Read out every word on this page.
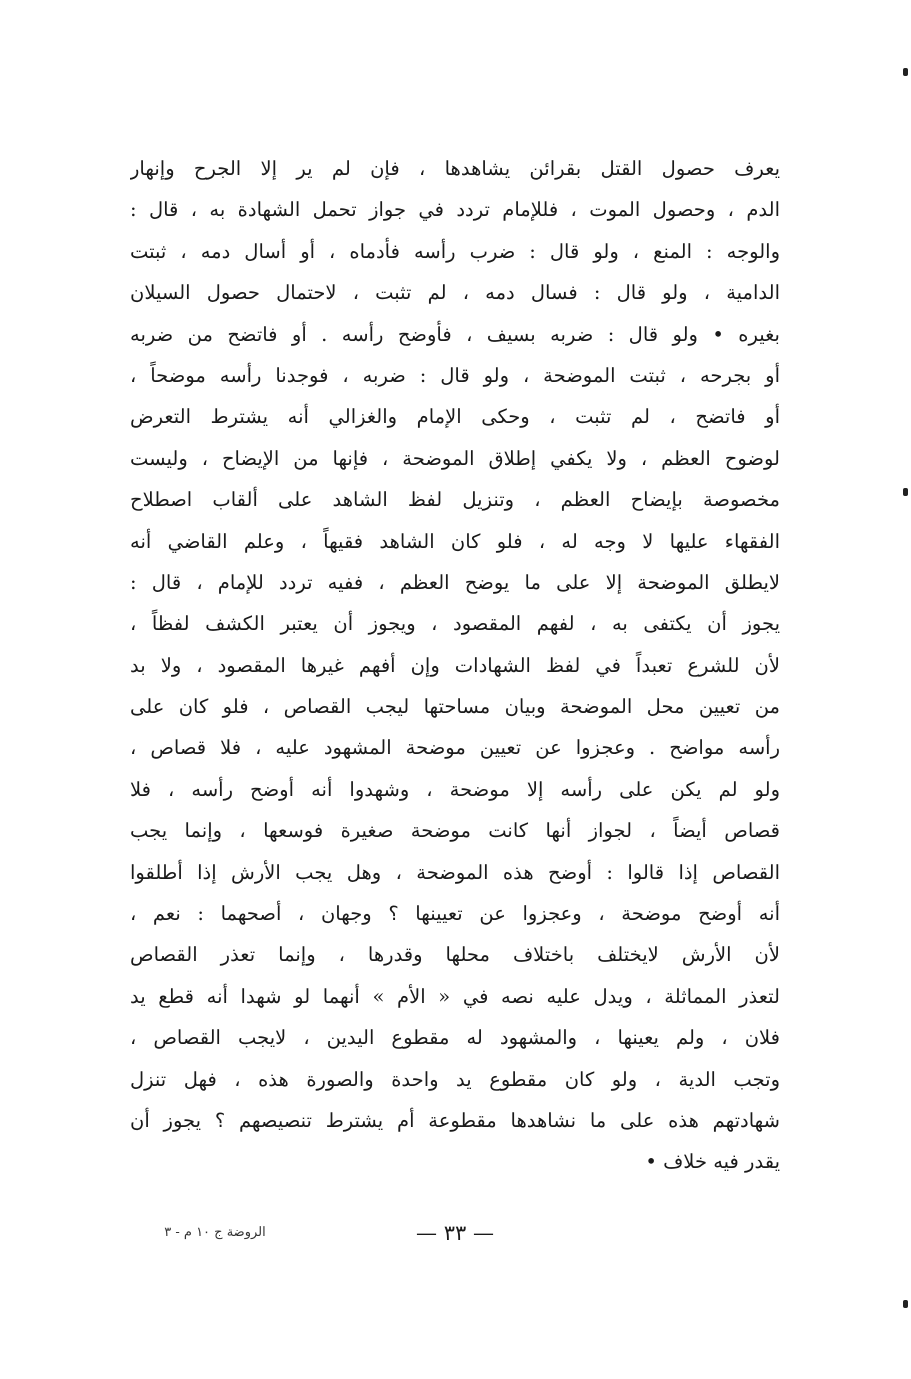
يعرف حصول القتل بقرائن يشاهدها ، فإن لم ير إلا الجرح وإنهار
الدم ، وحصول الموت ، فللإمام تردد في جواز تحمل الشهادة به ، قال :
والوجه : المنع ، ولو قال : ضرب رأسه فأدماه ، أو أسال دمه ، ثبتت
الدامية ، ولو قال : فسال دمه ، لم تثبت ، لاحتمال حصول السيلان
بغيره • ولو قال : ضربه بسيف ، فأوضح رأسه . أو فاتضح من ضربه
أو بجرحه ، ثبتت الموضحة ، ولو قال : ضربه ، فوجدنا رأسه موضحاً ،
أو فاتضح ، لم تثبت ، وحكى الإمام والغزالي أنه يشترط التعرض
لوضوح العظم ، ولا يكفي إطلاق الموضحة ، فإنها من الإيضاح ، وليست
مخصوصة بإيضاح العظم ، وتنزيل لفظ الشاهد على ألقاب اصطلاح
الفقهاء عليها لا وجه له ، فلو كان الشاهد فقيهاً ، وعلم القاضي أنه
لايطلق الموضحة إلا على ما يوضح العظم ، ففيه تردد للإمام ، قال :
يجوز أن يكتفى به ، لفهم المقصود ، ويجوز أن يعتبر الكشف لفظاً ،
لأن للشرع تعبداً في لفظ الشهادات وإن أفهم غيرها المقصود ، ولا بد
من تعيين محل الموضحة وبيان مساحتها ليجب القصاص ، فلو كان على
رأسه مواضح . وعجزوا عن تعيين موضحة المشهود عليه ، فلا قصاص ،
ولو لم يكن على رأسه إلا موضحة ، وشهدوا أنه أوضح رأسه ، فلا
قصاص أيضاً ، لجواز أنها كانت موضحة صغيرة فوسعها ، وإنما يجب
القصاص إذا قالوا : أوضح هذه الموضحة ، وهل يجب الأرش إذا أطلقوا
أنه أوضح موضحة ، وعجزوا عن تعيينها ؟ وجهان ، أصحهما : نعم ،
لأن الأرش لايختلف باختلاف محلها وقدرها ، وإنما تعذر القصاص
لتعذر المماثلة ، ويدل عليه نصه في « الأم » أنهما لو شهدا أنه قطع يد
فلان ، ولم يعينها ، والمشهود له مقطوع اليدين ، لايجب القصاص ،
وتجب الدية ، ولو كان مقطوع يد واحدة والصورة هذه ، فهل تنزل
شهادتهم هذه على ما نشاهدها مقطوعة أم يشترط تنصيصهم ؟ يجوز أن
يقدر فيه خلاف •
— ٣٣ —
الروضة ج ١٠ م - ٣
